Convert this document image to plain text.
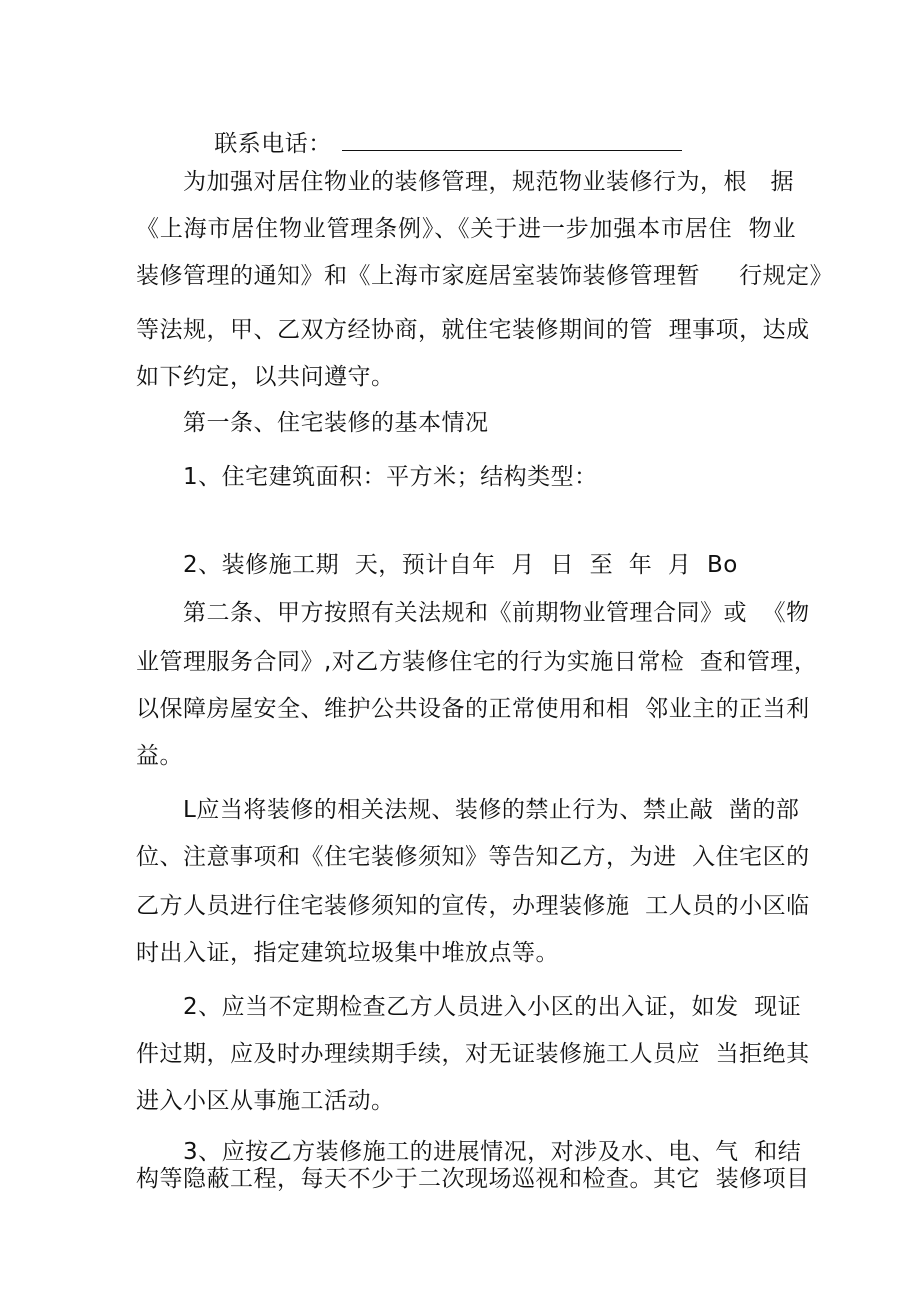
联系电话：

为加强对居住物业的装修管理，规范物业装修行为，根　据
《上海市居住物业管理条例》、《关于进一步加强本市居住  物业
装修管理的通知》和《上海市家庭居室装饰装修管理暂　  行规定》
等法规，甲、乙双方经协商，就住宅装修期间的管  理事项，达成
如下约定，以共问遵守。
第一条、住宅装修的基本情况
1、住宅建筑面积：平方米；结构类型：
2、装修施工期  天，预计自年  月  日  至  年  月  Bo
第二条、甲方按照有关法规和《前期物业管理合同》或  《物
业管理服务合同》,对乙方装修住宅的行为实施日常检  查和管理，
以保障房屋安全、维护公共设备的正常使用和相  邻业主的正当利
益。
L应当将装修的相关法规、装修的禁止行为、禁止敲  凿的部
位、注意事项和《住宅装修须知》等告知乙方，为进  入住宅区的
乙方人员进行住宅装修须知的宣传，办理装修施  工人员的小区临
时出入证，指定建筑垃圾集中堆放点等。
2、应当不定期检查乙方人员进入小区的出入证，如发  现证
件过期，应及时办理续期手续，对无证装修施工人员应  当拒绝其
进入小区从事施工活动。
3、应按乙方装修施工的进展情况，对涉及水、电、气  和结
构等隐蔽工程，每天不少于二次现场巡视和检查。其它  装修项目
